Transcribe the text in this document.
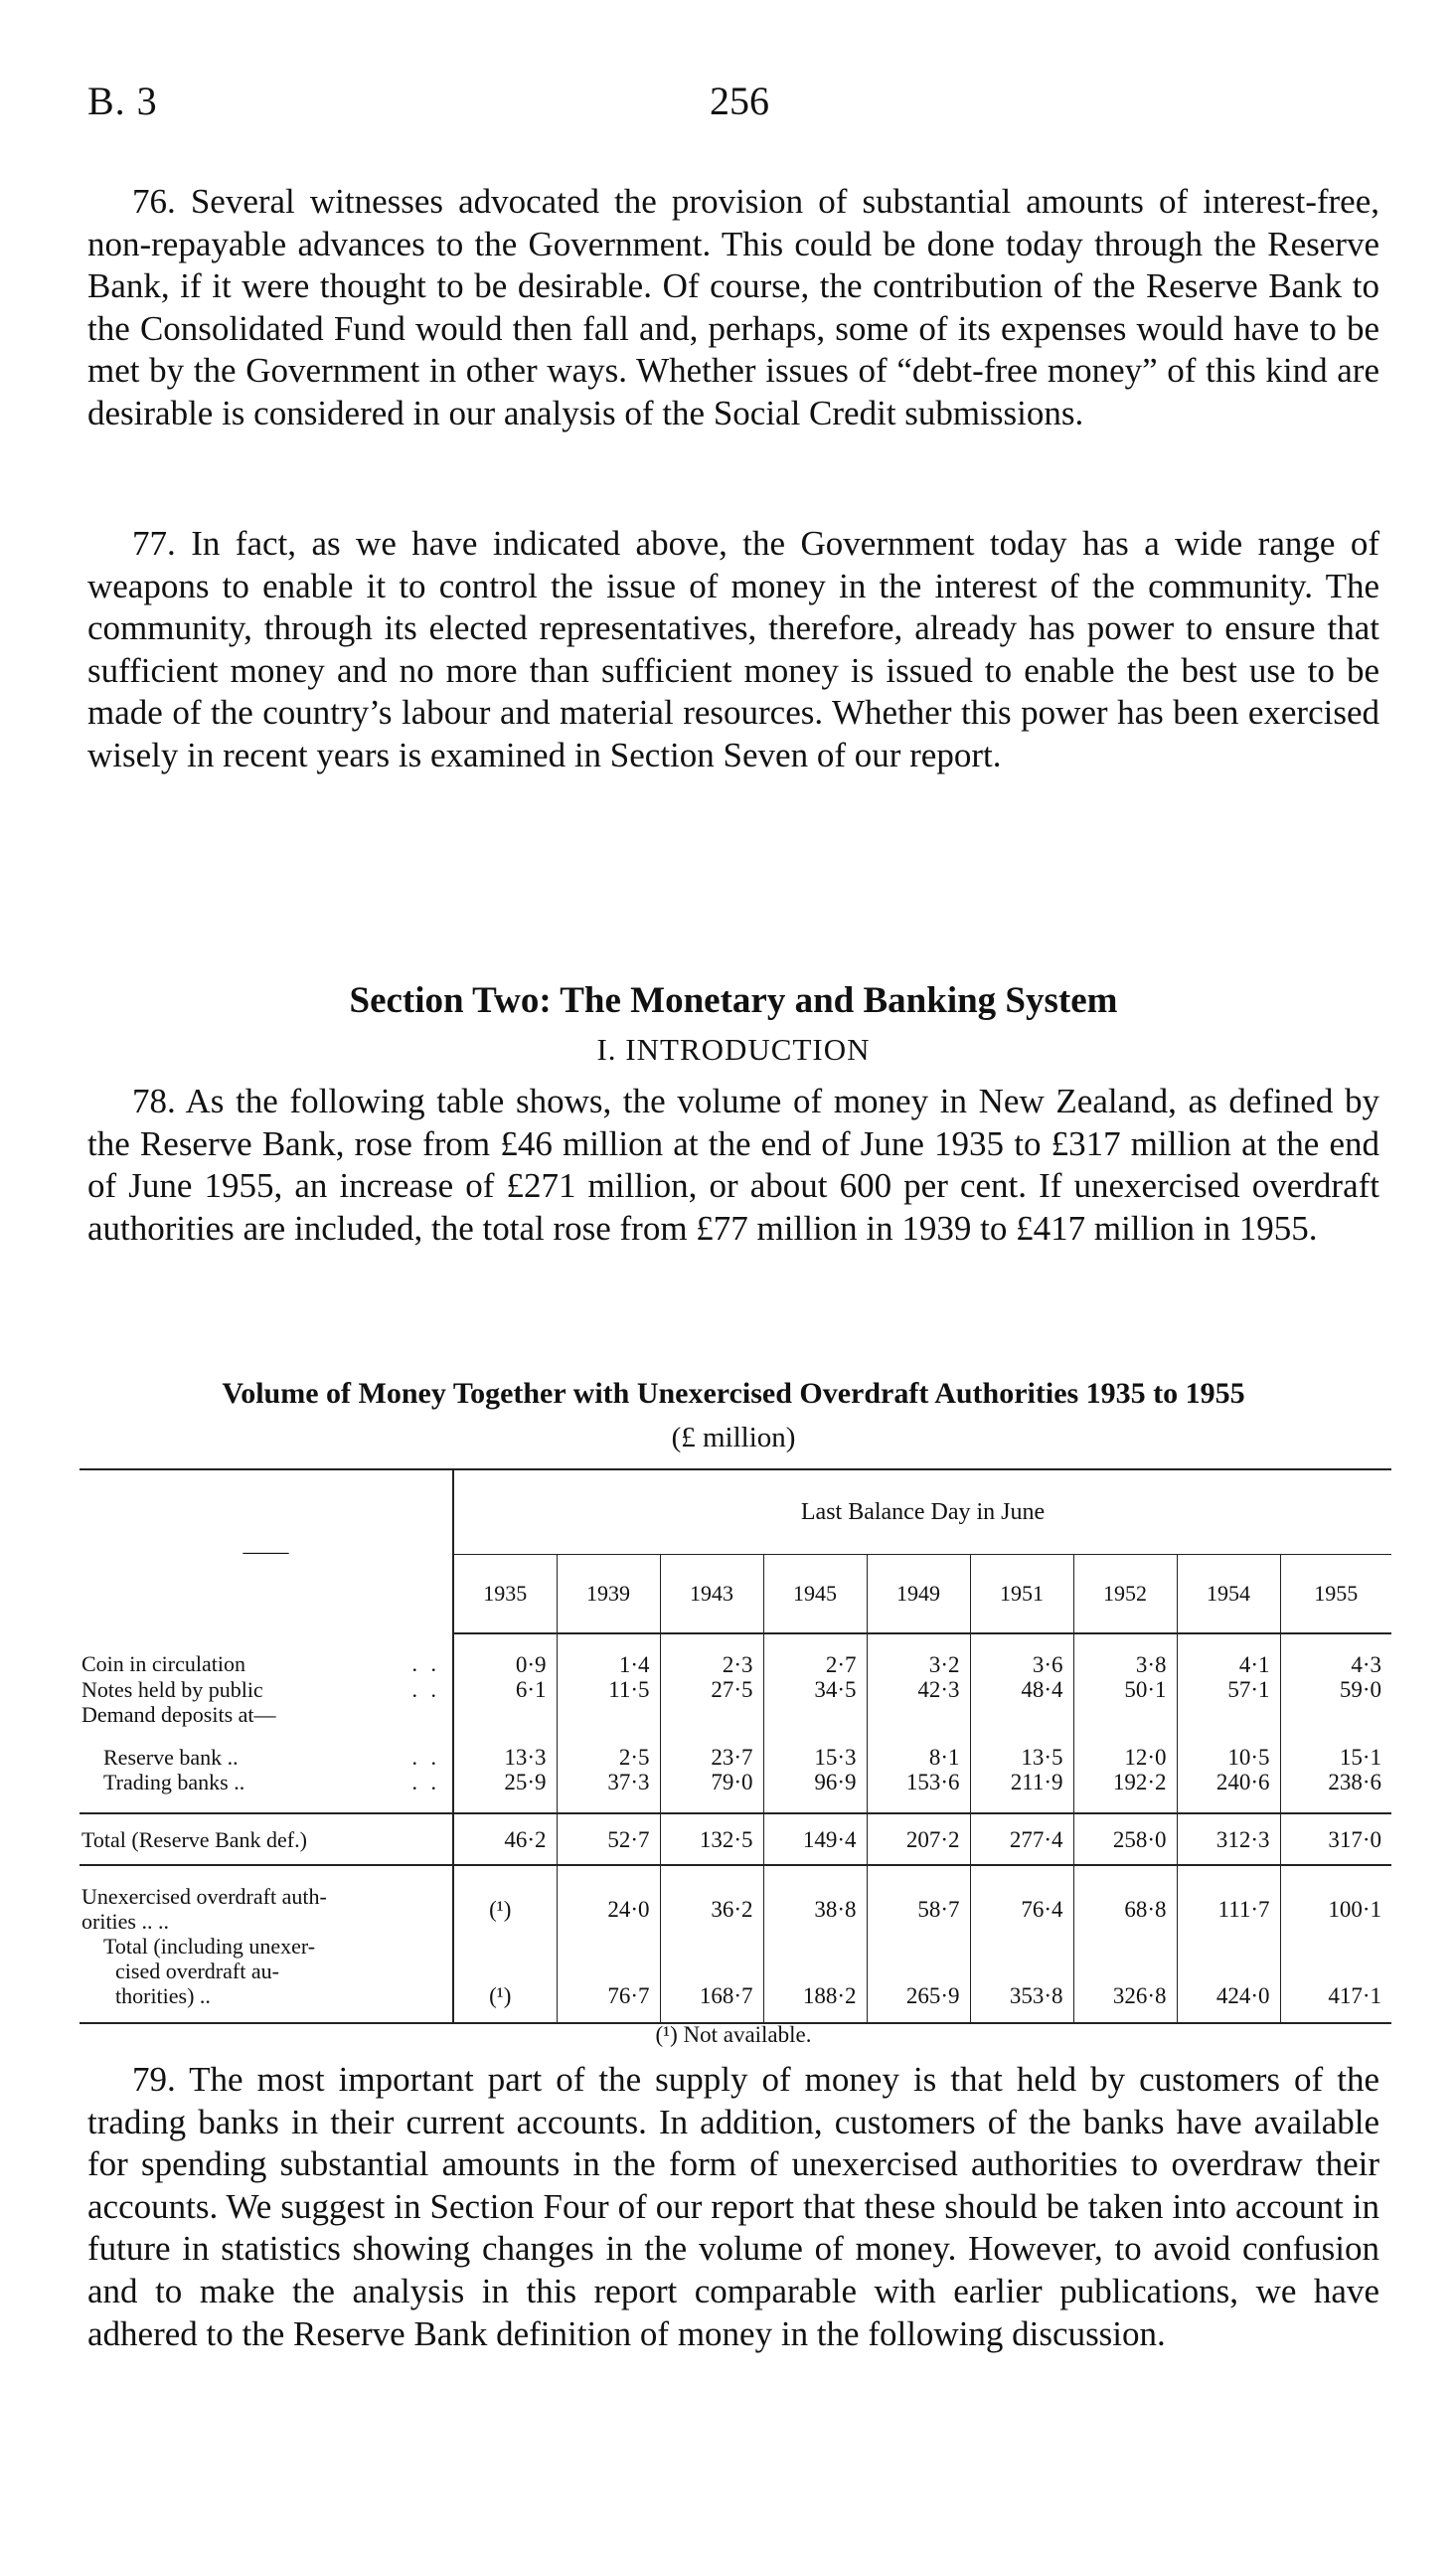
B. 3	256

76. Several witnesses advocated the provision of substantial amounts of interest-free, non-repayable advances to the Government. This could be done today through the Reserve Bank, if it were thought to be desirable. Of course, the contribution of the Reserve Bank to the Consolidated Fund would then fall and, perhaps, some of its expenses would have to be met by the Government in other ways. Whether issues of “debt-free money” of this kind are desirable is considered in our analysis of the Social Credit submissions.

77. In fact, as we have indicated above, the Government today has a wide range of weapons to enable it to control the issue of money in the interest of the community. The community, through its elected representatives, therefore, already has power to ensure that sufficient money and no more than sufficient money is issued to enable the best use to be made of the country’s labour and material resources. Whether this power has been exercised wisely in recent years is examined in Section Seven of our report.

Section Two: The Monetary and Banking System
I. INTRODUCTION

78. As the following table shows, the volume of money in New Zealand, as defined by the Reserve Bank, rose from £46 million at the end of June 1935 to £317 million at the end of June 1955, an increase of £271 million, or about 600 per cent. If unexercised overdraft authorities are included, the total rose from £77 million in 1939 to £417 million in 1955.

Volume of Money Together with Unexercised Overdraft Authorities 1935 to 1955
(£ million)

——	Last Balance Day in June								
	1935	1939	1943	1945	1949	1951	1952	1954	1955

. .
Coin in circulation	0·9	1·4	2·3	2·7	3·2	3·6	3·8	4·1	4·3

. .
Notes held by public	6·1	11·5	27·5	34·5	42·3	48·4	50·1	57·1	59·0
Demand deposits at—									

. .
Reserve bank ..	13·3	2·5	23·7	15·3	8·1	13·5	12·0	10·5	15·1

. .
Trading banks ..	25·9	37·3	79·0	96·9	153·6	211·9	192·2	240·6	238·6
Total (Reserve Bank def.)	46·2	52·7	132·5	149·4	207·2	277·4	258·0	312·3	317·0

Unexercised overdraft auth-
orities .. ..	(¹)	24·0	36·2	38·8	58·7	76·4	68·8	111·7	100·1

Total (including unexer-
cised overdraft au-
thorities) ..	(¹)	76·7	168·7	188·2	265·9	353·8	326·8	424·0	417·1

(¹) Not available.

79. The most important part of the supply of money is that held by customers of the trading banks in their current accounts. In addition, customers of the banks have available for spending substantial amounts in the form of unexercised authorities to overdraw their accounts. We suggest in Section Four of our report that these should be taken into account in future in statistics showing changes in the volume of money. However, to avoid confusion and to make the analysis in this report comparable with earlier publications, we have adhered to the Reserve Bank definition of money in the following discussion.
